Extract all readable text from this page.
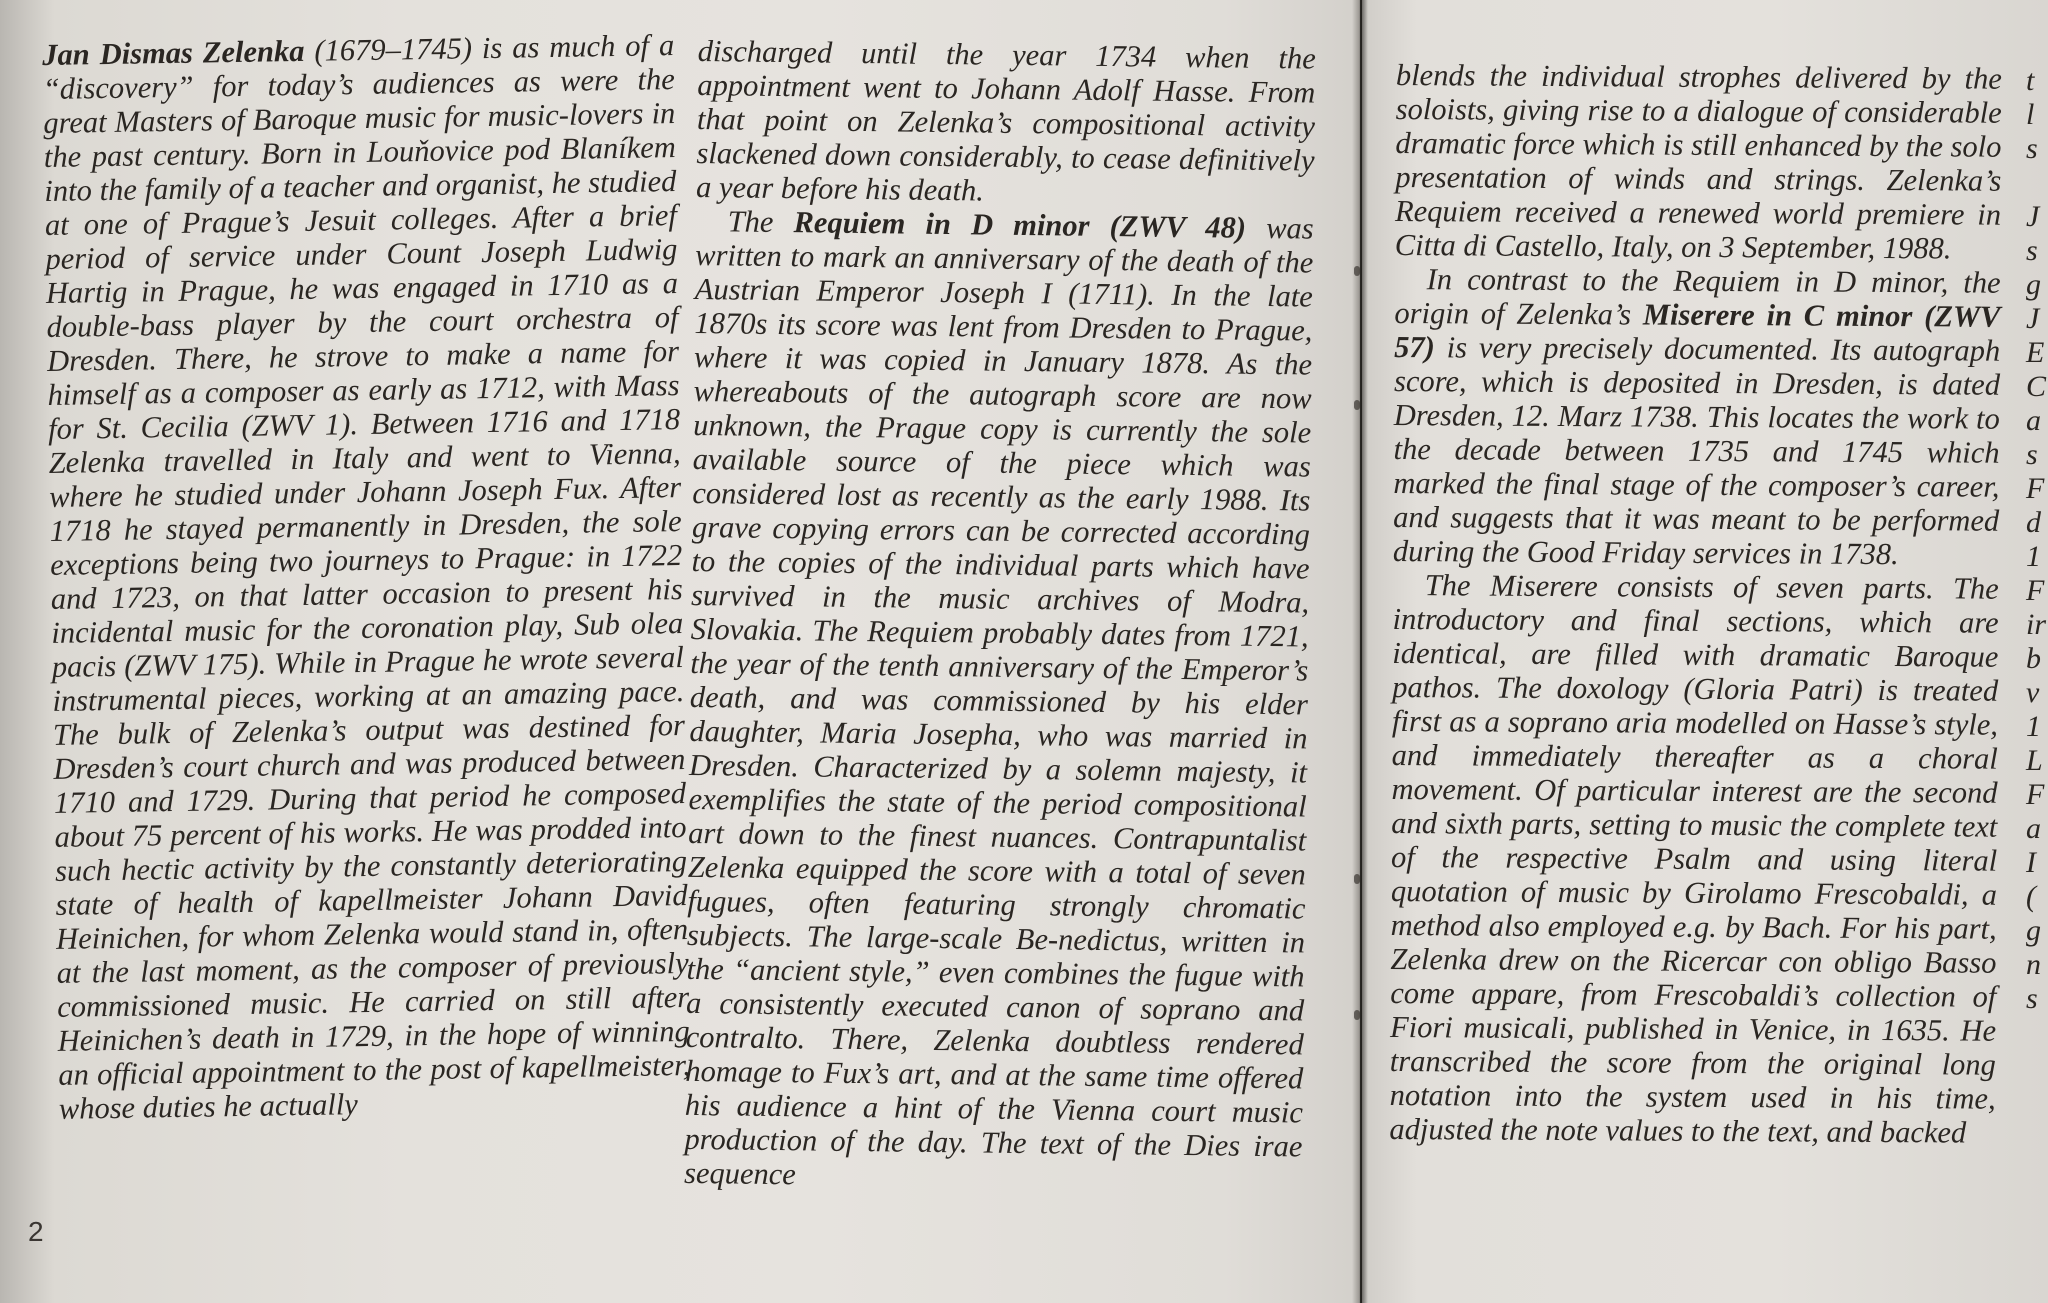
Jan Dismas Zelenka (1679–1745) is as much of a “discovery” for today’s audiences as were the great Masters of Baroque music for music-lovers in the past century. Born in Louňovice pod Blaníkem into the family of a teacher and organist, he studied at one of Prague’s Jesuit colleges. After a brief period of service under Count Joseph Ludwig Hartig in Prague, he was engaged in 1710 as a double-bass player by the court orchestra of Dresden. There, he strove to make a name for himself as a composer as early as 1712, with Mass for St. Cecilia (ZWV 1). Between 1716 and 1718 Zelenka travelled in Italy and went to Vienna, where he studied under Johann Joseph Fux. After 1718 he stayed permanently in Dresden, the sole exceptions being two journeys to Prague: in 1722 and 1723, on that latter occasion to present his incidental music for the coronation play, Sub olea pacis (ZWV 175). While in Prague he wrote several instrumental pieces, working at an amazing pace. The bulk of Zelenka’s output was destined for Dresden’s court church and was produced between 1710 and 1729. During that period he composed about 75 percent of his works. He was prodded into such hectic activity by the constantly deteriorating state of health of kapellmeister Johann David Heinichen, for whom Zelenka would stand in, often at the last moment, as the composer of previously commissioned music. He carried on still after Heinichen’s death in 1729, in the hope of winning an official appointment to the post of kapellmeister, whose duties he actually

discharged until the year 1734 when the appointment went to Johann Adolf Hasse. From that point on Zelenka’s compositional activity slackened down considerably, to cease definitively a year before his death.

The Requiem in D minor (ZWV 48) was written to mark an anniversary of the death of the Austrian Emperor Joseph I (1711). In the late 1870s its score was lent from Dresden to Prague, where it was copied in January 1878. As the whereabouts of the autograph score are now unknown, the Prague copy is currently the sole available source of the piece which was considered lost as recently as the early 1988. Its grave copying errors can be corrected according to the copies of the individual parts which have survived in the music archives of Modra, Slovakia. The Requiem probably dates from 1721, the year of the tenth anniversary of the Emperor’s death, and was commissioned by his elder daughter, Maria Josepha, who was married in Dresden. Characterized by a solemn majesty, it exemplifies the state of the period compositional art down to the finest nuances. Contrapuntalist Zelenka equipped the score with a total of seven fugues, often featuring strongly chromatic subjects. The large-scale Be-nedictus, written in the “ancient style,” even combines the fugue with a consistently executed canon of soprano and contralto. There, Zelenka doubtless rendered homage to Fux’s art, and at the same time offered his audience a hint of the Vienna court music production of the day. The text of the Dies irae sequence

blends the individual strophes delivered by the soloists, giving rise to a dialogue of considerable dramatic force which is still enhanced by the solo presentation of winds and strings. Zelenka’s Requiem received a renewed world premiere in Citta di Castello, Italy, on 3 September, 1988.

In contrast to the Requiem in D minor, the origin of Zelenka’s Miserere in C minor (ZWV 57) is very precisely documented. Its autograph score, which is deposited in Dresden, is dated Dresden, 12. Marz 1738. This locates the work to the decade between 1735 and 1745 which marked the final stage of the composer’s career, and suggests that it was meant to be performed during the Good Friday services in 1738.

The Miserere consists of seven parts. The introductory and final sections, which are identical, are filled with dramatic Baroque pathos. The doxology (Gloria Patri) is treated first as a soprano aria modelled on Hasse’s style, and immediately thereafter as a choral movement. Of particular interest are the second and sixth parts, setting to music the complete text of the respective Psalm and using literal quotation of music by Girolamo Frescobaldi, a method also employed e.g. by Bach. For his part, Zelenka drew on the Ricercar con obligo Basso come appare, from Frescobaldi’s collection of Fiori musicali, published in Venice, in 1635. He transcribed the score from the original long notation into the system used in his time, adjusted the note values to the text, and backed

2
t
l
s
J
s
g
J
E
C
a
s
F
d
1
F
ir
b
v
1
L
F
a
I
(
g
n
s
